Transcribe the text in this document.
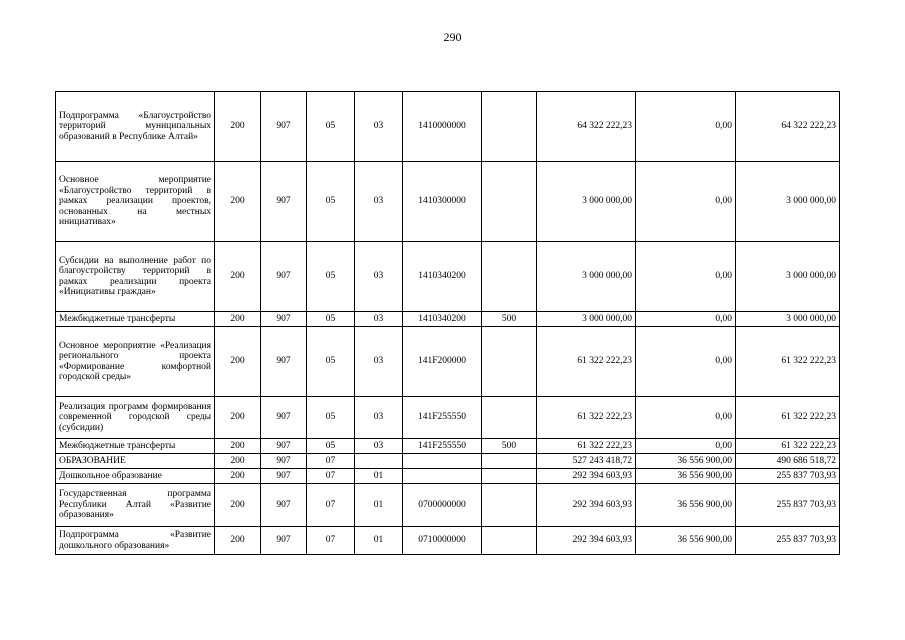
290
Подпрограмма «Благоустройство территорий муниципальных образований в Республике Алтай»	200	907	05	03	1410000000		64 322 222,23	0,00	64 322 222,23
Основное мероприятие «Благоустройство территорий в рамках реализации проектов, основанных на местных инициативах»	200	907	05	03	1410300000		3 000 000,00	0,00	3 000 000,00
Субсидии на выполнение работ по благоустройству территорий в рамках реализации проекта «Инициативы граждан»	200	907	05	03	1410340200		3 000 000,00	0,00	3 000 000,00
Межбюджетные трансферты	200	907	05	03	1410340200	500	3 000 000,00	0,00	3 000 000,00
Основное мероприятие «Реализация регионального проекта «Формирование комфортной городской среды»	200	907	05	03	141F200000		61 322 222,23	0,00	61 322 222,23
Реализация программ формирования современной городской среды (субсидии)	200	907	05	03	141F255550		61 322 222,23	0,00	61 322 222,23
Межбюджетные трансферты	200	907	05	03	141F255550	500	61 322 222,23	0,00	61 322 222,23
ОБРАЗОВАНИЕ	200	907	07				527 243 418,72	36 556 900,00	490 686 518,72
Дошкольное образование	200	907	07	01			292 394 603,93	36 556 900,00	255 837 703,93
Государственная программа Республики Алтай «Развитие образования»	200	907	07	01	0700000000		292 394 603,93	36 556 900,00	255 837 703,93
Подпрограмма «Развитие дошкольного образования»	200	907	07	01	0710000000		292 394 603,93	36 556 900,00	255 837 703,93
